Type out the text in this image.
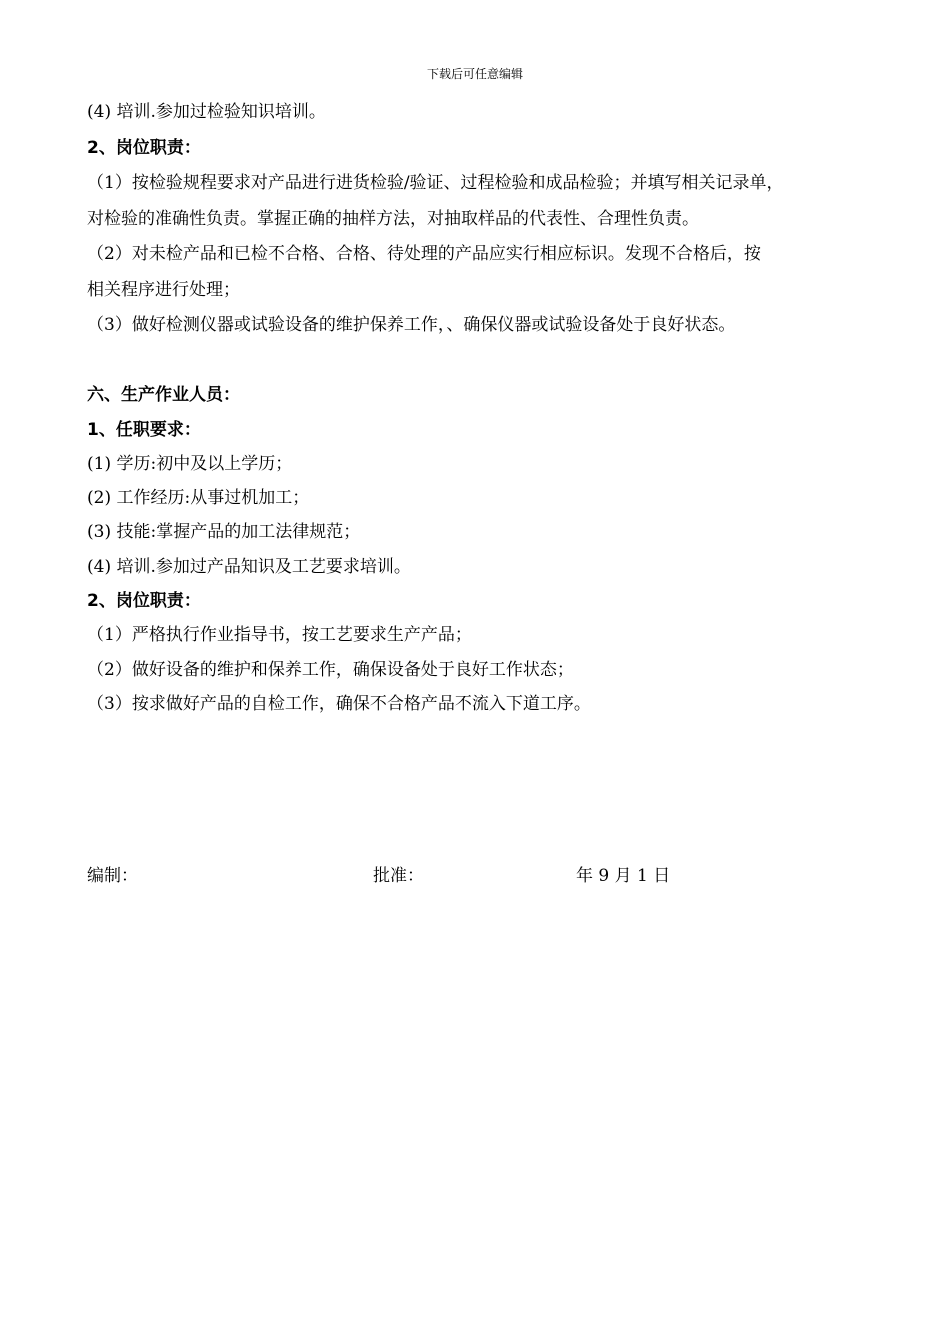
下载后可任意编辑
(4) 培训.参加过检验知识培训。
2、岗位职责：
（1）按检验规程要求对产品进行进货检验/验证、过程检验和成品检验；并填写相关记录单，
对检验的准确性负责。掌握正确的抽样方法，对抽取样品的代表性、合理性负责。
（2）对未检产品和已检不合格、合格、待处理的产品应实行相应标识。发现不合格后，按
相关程序进行处理；
（3）做好检测仪器或试验设备的维护保养工作，、确保仪器或试验设备处于良好状态。
六、生产作业人员：
1、任职要求：
(1) 学历:初中及以上学历；
(2) 工作经历:从事过机加工；
(3) 技能:掌握产品的加工法律规范；
(4) 培训.参加过产品知识及工艺要求培训。
2、岗位职责：
（1）严格执行作业指导书，按工艺要求生产产品；
（2）做好设备的维护和保养工作，确保设备处于良好工作状态；
（3）按求做好产品的自检工作，确保不合格产品不流入下道工序。
编制：	批准：	年 9 月 1 日
